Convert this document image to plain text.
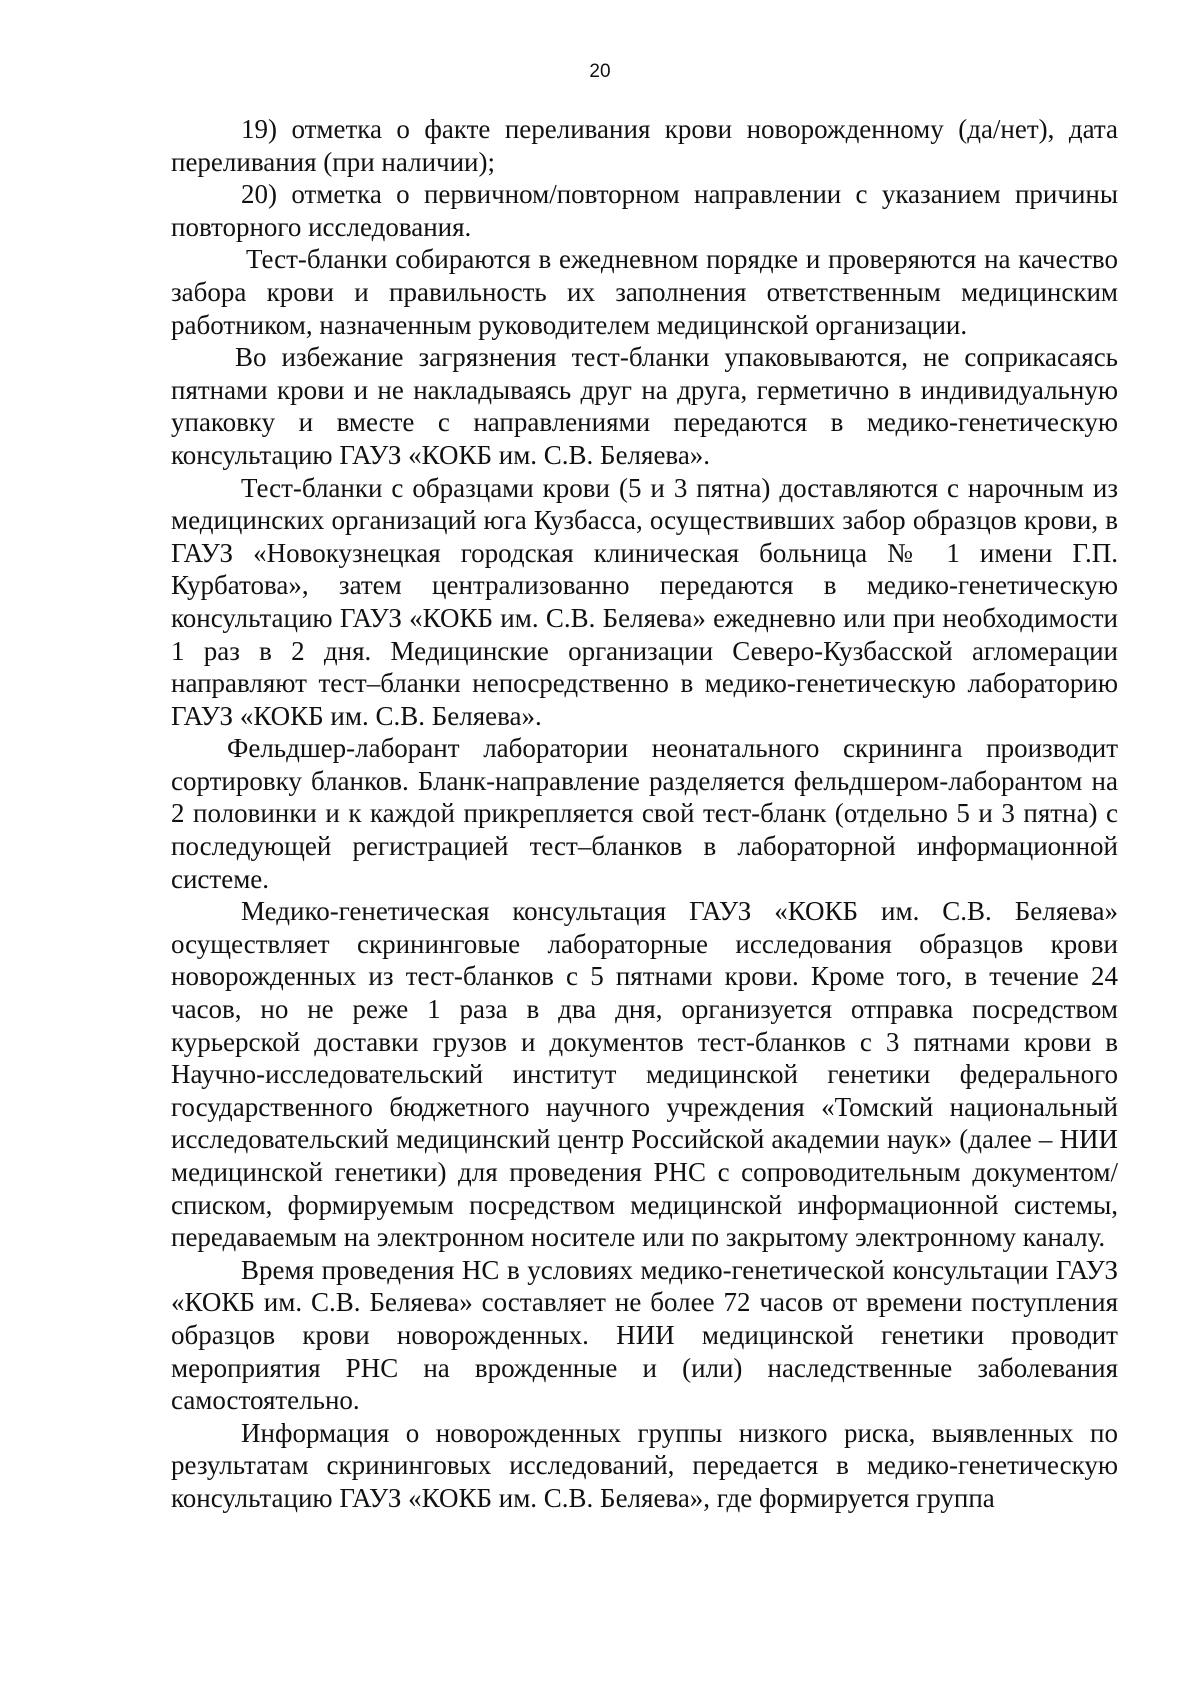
20

19) отметка о факте переливания крови новорожденному (да/нет), дата переливания (при наличии);

20) отметка о первичном/повторном направлении с указанием причины повторного исследования.

Тест-бланки собираются в ежедневном порядке и проверяются на качество забора крови и правильность их заполнения ответственным медицинским работником, назначенным руководителем медицинской организации.

Во избежание загрязнения тест-бланки упаковываются, не соприкасаясь пятнами крови и не накладываясь друг на друга, герметично в индивидуальную упаковку и вместе с направлениями передаются в медико-генетическую консультацию ГАУЗ «КОКБ им. С.В. Беляева».

Тест-бланки с образцами крови (5 и 3 пятна) доставляются с нарочным из медицинских организаций юга Кузбасса, осуществивших забор образцов крови, в ГАУЗ «Новокузнецкая городская клиническая больница № 1 имени Г.П. Курбатова», затем централизованно передаются в медико-генетическую консультацию ГАУЗ «КОКБ им. С.В. Беляева» ежедневно или при необходимости 1 раз в 2 дня. Медицинские организации Северо-Кузбасской агломерации направляют тест–бланки непосредственно в медико-генетическую лабораторию ГАУЗ «КОКБ им. С.В. Беляева».

Фельдшер-лаборант лаборатории неонатального скрининга производит сортировку бланков. Бланк-направление разделяется фельдшером-лаборантом на 2 половинки и к каждой прикрепляется свой тест-бланк (отдельно 5 и 3 пятна) с последующей регистрацией тест–бланков в лабораторной информационной системе.

Медико-генетическая консультация ГАУЗ «КОКБ им. С.В. Беляева» осуществляет скрининговые лабораторные исследования образцов крови новорожденных из тест-бланков с 5 пятнами крови. Кроме того, в течение 24 часов, но не реже 1 раза в два дня, организуется отправка посредством курьерской доставки грузов и документов тест-бланков с 3 пятнами крови в Научно-исследовательский институт медицинской генетики федерального государственного бюджетного научного учреждения «Томский национальный исследовательский медицинский центр Российской академии наук» (далее – НИИ медицинской генетики) для проведения РНС с сопроводительным документом/списком, формируемым посредством медицинской информационной системы, передаваемым на электронном носителе или по закрытому электронному каналу.

Время проведения НС в условиях медико-генетической консультации ГАУЗ «КОКБ им. С.В. Беляева» составляет не более 72 часов от времени поступления образцов крови новорожденных. НИИ медицинской генетики проводит мероприятия РНС на врожденные и (или) наследственные заболевания самостоятельно.

Информация о новорожденных группы низкого риска, выявленных по результатам скрининговых исследований, передается в медико-генетическую консультацию ГАУЗ «КОКБ им. С.В. Беляева», где формируется группа
